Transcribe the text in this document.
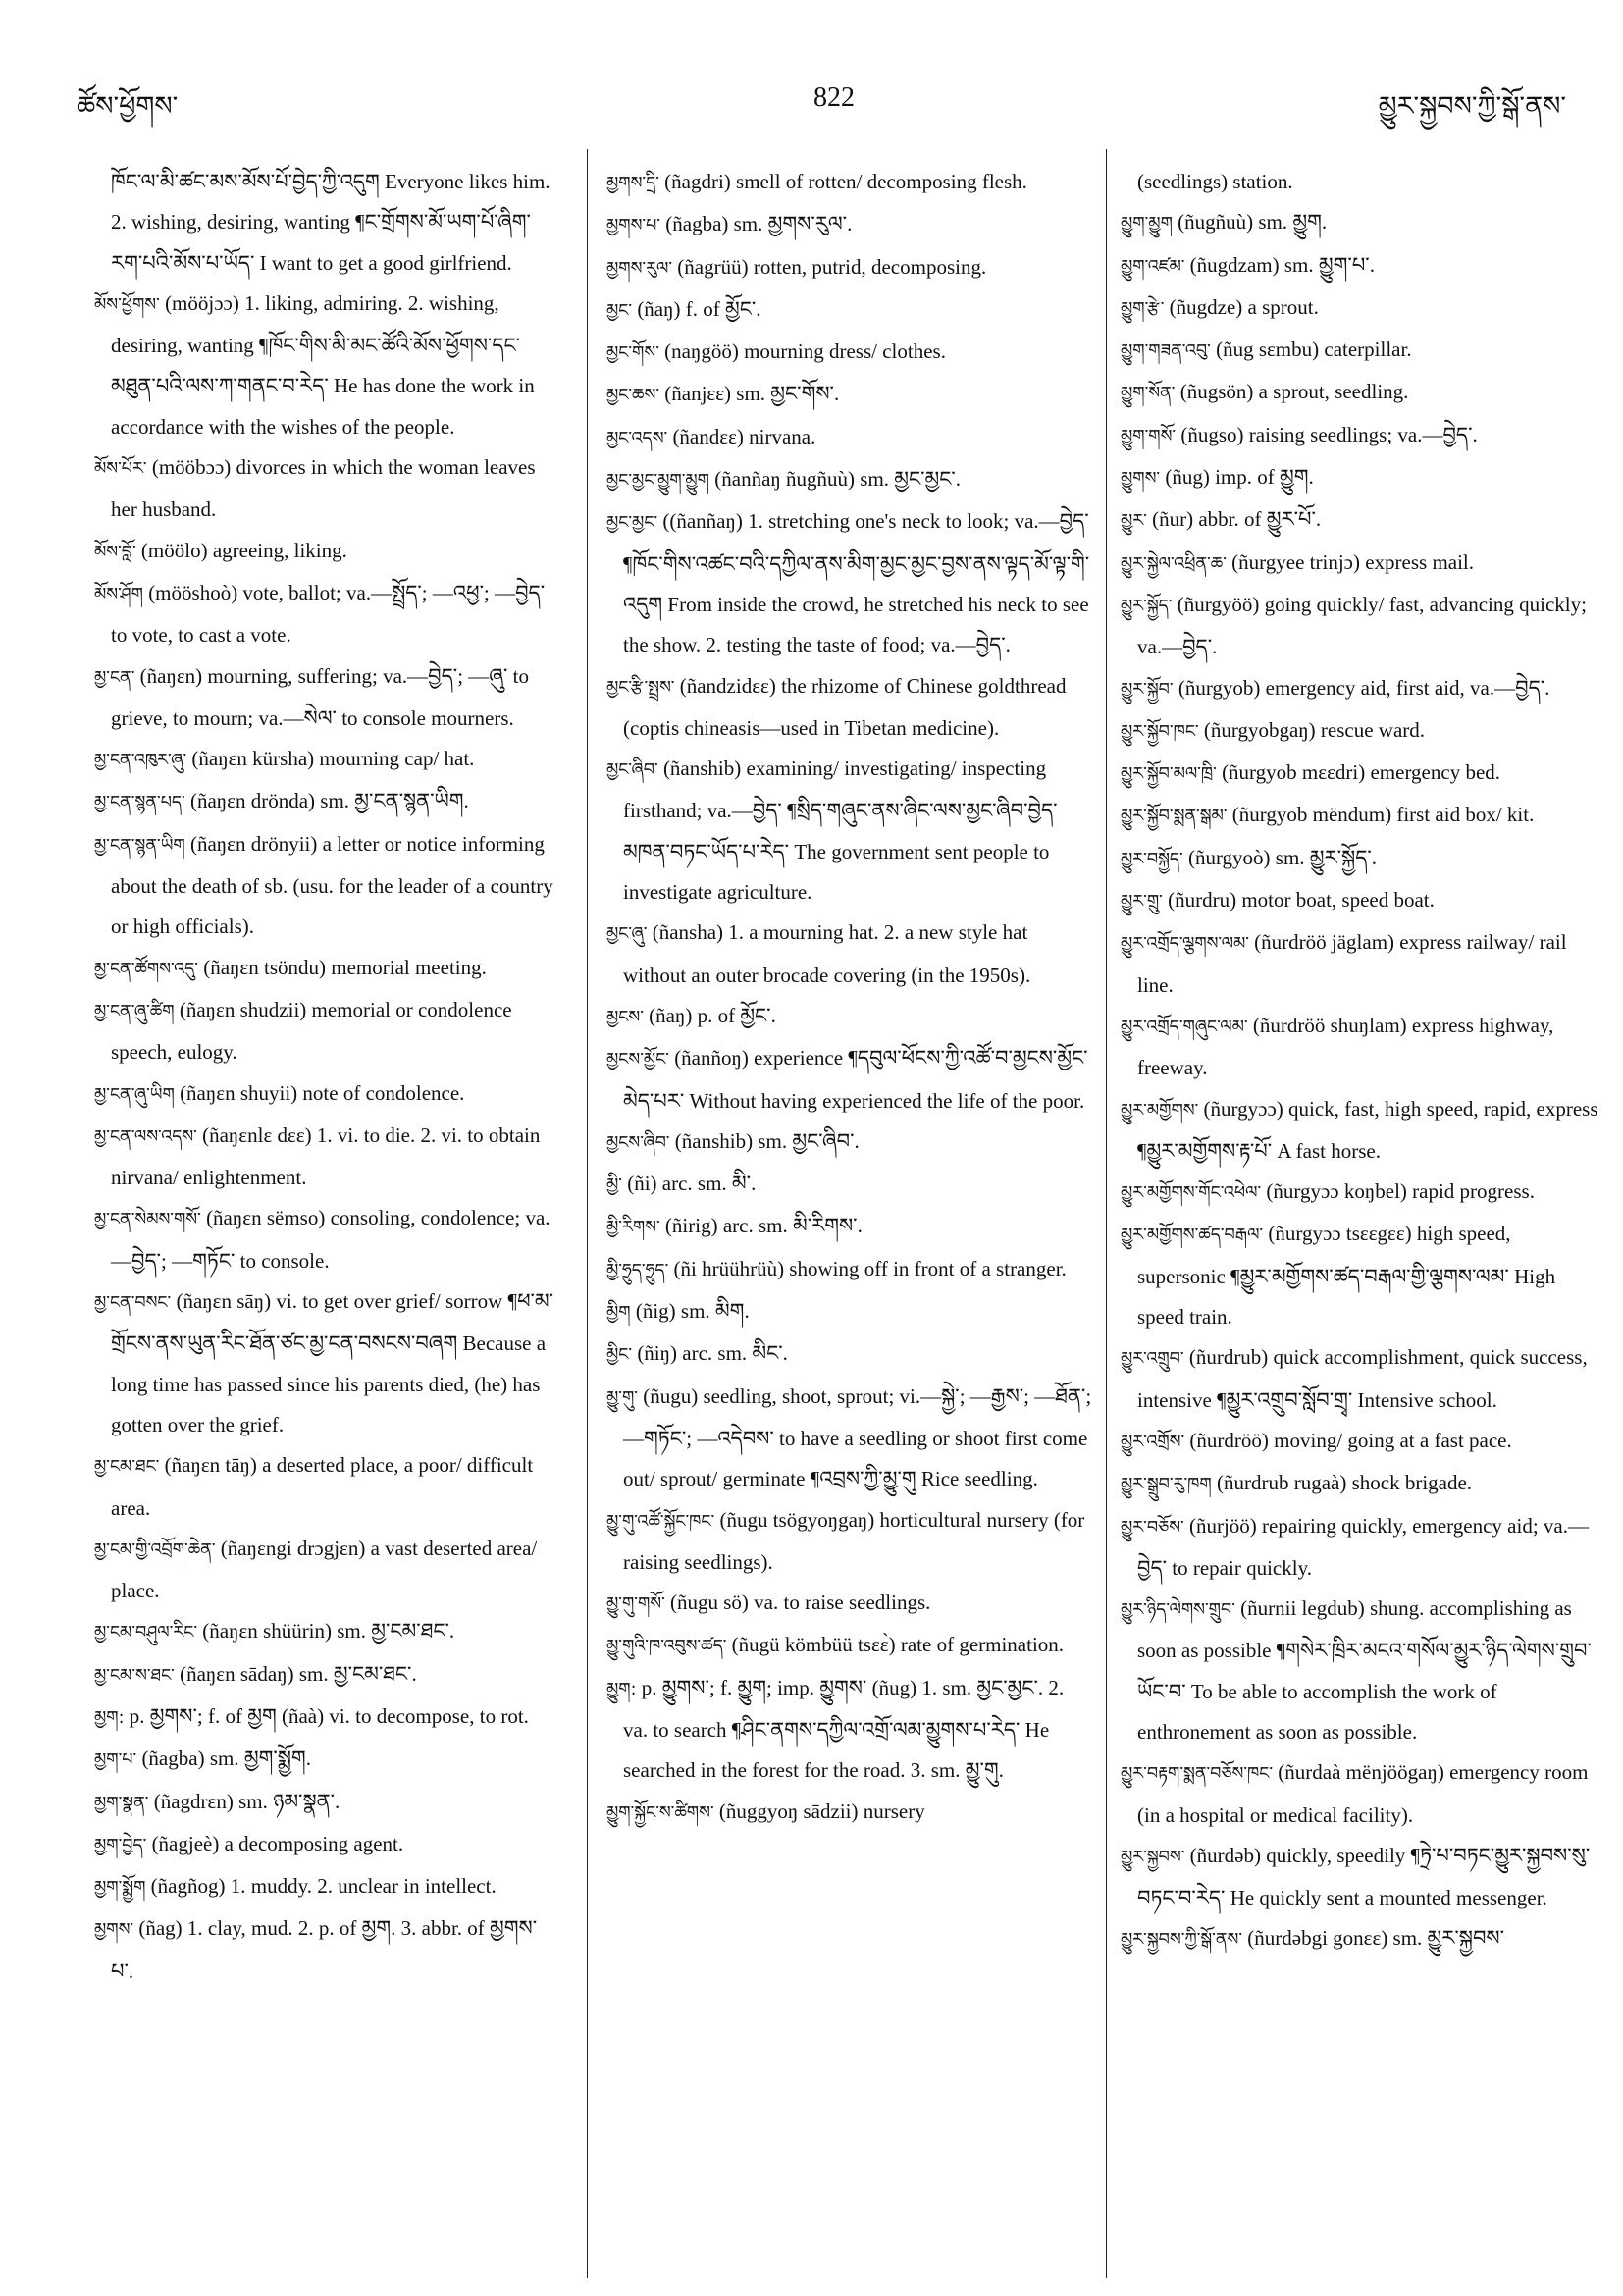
ཚོས་ཕྱོགས་	822	མྱུར་སྐྱབས་ཀྱི་སྒོ་ནས་

ཁོང་ལ་མི་ཚང་མས་མོས་པོ་བྱེད་ཀྱི་འདུག Everyone likes him. 2. wishing, desiring, wanting ¶ང་གྲོགས་མོ་ཡག་པོ་ཞིག་རག་པའི་མོས་པ་ཡོད་ I want to get a good girlfriend.

མོས་ཕྱོགས་ (mööjɔɔ) 1. liking, admiring. 2. wishing, desiring, wanting ¶ཁོང་གིས་མི་མང་ཚོའི་མོས་ཕྱོགས་དང་མཐུན་པའི་ལས་ཀ་གནང་བ་རེད་ He has done the work in accordance with the wishes of the people.

མོས་པོར་ (mööbɔɔ) divorces in which the woman leaves her husband.

མོས་བློ་ (möölo) agreeing, liking.

མོས་ཤོག (mööshoò) vote, ballot; va.—སྤྲོད་; —འཕྱ་; —བྱེད་ to vote, to cast a vote.

མྱ་ངན་ (ñaŋɛn) mourning, suffering; va.—བྱེད་; —ཞུ་ to grieve, to mourn; va.—སེལ་ to console mourners.

མྱ་ངན་འཁུར་ཞུ་ (ñaŋɛn kürsha) mourning cap/ hat.

མྱ་ངན་སྙན་པད་ (ñaŋɛn drönda) sm. མྱ་ངན་སྙན་ཡིག.

མྱ་ངན་སྙན་ཡིག (ñaŋɛn drönyii) a letter or notice informing about the death of sb. (usu. for the leader of a country or high officials).

མྱ་ངན་ཚོགས་འདུ་ (ñaŋɛn tsöndu) memorial meeting.

མྱ་ངན་ཞུ་ཚིག (ñaŋɛn shudzii) memorial or condolence speech, eulogy.

མྱ་ངན་ཞུ་ཡིག (ñaŋɛn shuyii) note of condolence.

མྱ་ངན་ལས་འདས་ (ñaŋɛnlɛ dɛɛ) 1. vi. to die. 2. vi. to obtain nirvana/ enlightenment.

མྱ་ངན་སེམས་གསོ་ (ñaŋɛn sëmso) consoling, condolence; va.—བྱེད་; —གཏོང་ to console.

མྱ་ངན་བསང་ (ñaŋɛn sāŋ) vi. to get over grief/ sorrow ¶ཕ་མ་གྲོངས་ནས་ཡུན་རིང་ཐོན་ཙང་མྱ་ངན་བསངས་བཞག Because a long time has passed since his parents died, (he) has gotten over the grief.

མྱ་ངམ་ཐང་ (ñaŋɛn tāŋ) a deserted place, a poor/ difficult area.

མྱ་ངམ་གྱི་འབྲོག་ཆེན་ (ñaŋɛngi drɔgjɛn) a vast deserted area/ place.

མྱ་ངམ་བཤུལ་རིང་ (ñaŋɛn shüürin) sm. མྱ་ངམ་ཐང་.

མྱ་ངམ་ས་ཐང་ (ñaŋɛn sādaŋ) sm. མྱ་ངམ་ཐང་.

མྱག: p. མྱགས་; f. of མྱག (ñaà) vi. to decompose, to rot.

མྱག་པ་ (ñagba) sm. མྱག་སྨྱོག.

མྱག་སྣན་ (ñagdrɛn) sm. ཉམ་སྣན་.

མྱག་བྱེད་ (ñagjeè) a decomposing agent.

མྱག་སྨྱོག (ñagñog) 1. muddy. 2. unclear in intellect.

མྱགས་ (ñag) 1. clay, mud. 2. p. of མྱག. 3. abbr. of མྱགས་པ་.

མྱགས་དྲི་ (ñagdri) smell of rotten/ decomposing flesh.

མྱགས་པ་ (ñagba) sm. མྱགས་རུལ་.

མྱགས་རུལ་ (ñagrüü) rotten, putrid, decomposing.

མྱང་ (ñaŋ) f. of མྱོང་.

མྱང་གོས་ (naŋgöö) mourning dress/ clothes.

མྱང་ཆས་ (ñanjɛɛ) sm. མྱང་གོས་.

མྱང་འདས་ (ñandɛɛ) nirvana.

མྱང་མྱང་མྱུག་མྱུག (ñanñaŋ ñugñuù) sm. མྱང་མྱང་.

མྱང་མྱང་ ((ñanñaŋ) 1. stretching one's neck to look; va.—བྱེད་ ¶ཁོང་གིས་འཚང་བའི་དཀྱིལ་ནས་མིག་མྱང་མྱང་བྱས་ནས་ལྟད་མོ་ལྟ་གི་འདུག From inside the crowd, he stretched his neck to see the show. 2. testing the taste of food; va.—བྱེད་.

མྱང་རྩི་སྤྲས་ (ñandzidɛɛ) the rhizome of Chinese goldthread (coptis chineasis—used in Tibetan medicine).

མྱང་ཞིབ་ (ñanshib) examining/ investigating/ inspecting firsthand; va.—བྱེད་ ¶སྲིད་གཞུང་ནས་ཞིང་ལས་མྱང་ཞིབ་བྱེད་མཁན་བཏང་ཡོད་པ་རེད་ The government sent people to investigate agriculture.

མྱང་ཞུ་ (ñansha) 1. a mourning hat. 2. a new style hat without an outer brocade covering (in the 1950s).

མྱངས་ (ñaŋ) p. of མྱོང་.

མྱངས་མྱོང་ (ñanñoŋ) experience ¶དབུལ་ཕོངས་ཀྱི་འཚོ་བ་མྱངས་མྱོང་མེད་པར་ Without having experienced the life of the poor.

མྱངས་ཞིབ་ (ñanshib) sm. མྱང་ཞིབ་.

མྱི་ (ñi) arc. sm. མི་.

མྱི་རིགས་ (ñirig) arc. sm. མི་རིགས་.

མྱི་ཧྲུད་ཧྲུད་ (ñi hrüührüù) showing off in front of a stranger.

མྱིག (ñig) sm. མིག.

མྱིང་ (ñiŋ) arc. sm. མིང་.

མྱུ་གུ་ (ñugu) seedling, shoot, sprout; vi.—སྐྱེ་; —རྒྱས་; —ཐོན་; —གཏོང་; —འདེབས་ to have a seedling or shoot first come out/ sprout/ germinate ¶འབྲས་ཀྱི་མྱུ་གུ Rice seedling.

མྱུ་གུ་འཚོ་སྐྱོང་ཁང་ (ñugu tsögyoŋgaŋ) horticultural nursery (for raising seedlings).

མྱུ་གུ་གསོ་ (ñugu sö) va. to raise seedlings.

མྱུ་གུའི་ཁ་འབུས་ཚད་ (ñugü kömbüü tsɛɛ̀) rate of germination.

མྱུག: p. མྱུགས་; f. མྱུག; imp. མྱུགས་ (ñug) 1. sm. མྱང་མྱང་. 2. va. to search ¶ཤིང་ནགས་དཀྱིལ་འགྲོ་ལམ་མྱུགས་པ་རེད་ He searched in the forest for the road. 3. sm. མྱུ་གུ.

མྱུག་སྐྱོང་ས་ཚིགས་ (ñuggyoŋ sādzii) nursery

(seedlings) station.

མྱུག་མྱུག (ñugñuù) sm. མྱུག.

མྱུག་འཛམ་ (ñugdzam) sm. མྱུག་པ་.

མྱུག་རྩེ་ (ñugdze) a sprout.

མྱུག་གཟན་འབུ་ (ñug sɛmbu) caterpillar.

མྱུག་སོན་ (ñugsön) a sprout, seedling.

མྱུག་གསོ་ (ñugso) raising seedlings; va.—བྱེད་.

མྱུགས་ (ñug) imp. of མྱུག.

མྱུར་ (ñur) abbr. of མྱུར་པོ་.

མྱུར་སྐྱེལ་འཕྲིན་ཆ་ (ñurgyee trinjɔ) express mail.

མྱུར་སྐྱོད་ (ñurgyöö) going quickly/ fast, advancing quickly; va.—བྱེད་.

མྱུར་སྐྱོབ་ (ñurgyob) emergency aid, first aid, va.—བྱེད་.

མྱུར་སྐྱོབ་ཁང་ (ñurgyobgaŋ) rescue ward.

མྱུར་སྐྱོབ་མལ་ཁྲི་ (ñurgyob mɛɛdri) emergency bed.

མྱུར་སྐྱོབ་སྨན་སྒམ་ (ñurgyob mëndum) first aid box/ kit.

མྱུར་བསྐྱོད་ (ñurgyoò) sm. མྱུར་སྐྱོད་.

མྱུར་གྲུ་ (ñurdru) motor boat, speed boat.

མྱུར་འགྲོད་ལྕགས་ལམ་ (ñurdröö jäglam) express railway/ rail line.

མྱུར་འགྲོད་གཞུང་ལམ་ (ñurdröö shuŋlam) express highway, freeway.

མྱུར་མགྱོགས་ (ñurgyɔɔ) quick, fast, high speed, rapid, express ¶མྱུར་མགྱོགས་རྟ་པོ་ A fast horse.

མྱུར་མགྱོགས་གོང་འཕེལ་ (ñurgyɔɔ koŋbel) rapid progress.

མྱུར་མགྱོགས་ཚད་བརྒལ་ (ñurgyɔɔ tsɛɛgɛɛ) high speed, supersonic ¶མྱུར་མགྱོགས་ཚད་བརྒལ་གྱི་ལྕགས་ལམ་ High speed train.

མྱུར་འགྲུབ་ (ñurdrub) quick accomplishment, quick success, intensive ¶མྱུར་འགྲུབ་སློབ་གྲྭ་ Intensive school.

མྱུར་འགྲོས་ (ñurdröö) moving/ going at a fast pace.

མྱུར་སྒྲུབ་རུ་ཁག (ñurdrub rugaà) shock brigade.

མྱུར་བཅོས་ (ñurjöö) repairing quickly, emergency aid; va.—བྱེད་ to repair quickly.

མྱུར་ཉིད་ལེགས་གྲུབ་ (ñurnii legdub) shung. accomplishing as soon as possible ¶གསེར་ཁྲིར་མངའ་གསོལ་མྱུར་ཉིད་ལེགས་གྲུབ་ཡོང་བ་ To be able to accomplish the work of enthronement as soon as possible.

མྱུར་བརྟག་སྨན་བཅོས་ཁང་ (ñurdaà mënjöögaŋ) emergency room (in a hospital or medical facility).

མྱུར་སྐྱབས་ (ñurdəb) quickly, speedily ¶ཏྲེ་པ་བཏང་མྱུར་སྐྱབས་སུ་བཏང་བ་རེད་ He quickly sent a mounted messenger.

མྱུར་སྐྱབས་ཀྱི་སྒོ་ནས་ (ñurdəbgi gonɛɛ) sm. མྱུར་སྐྱབས་
